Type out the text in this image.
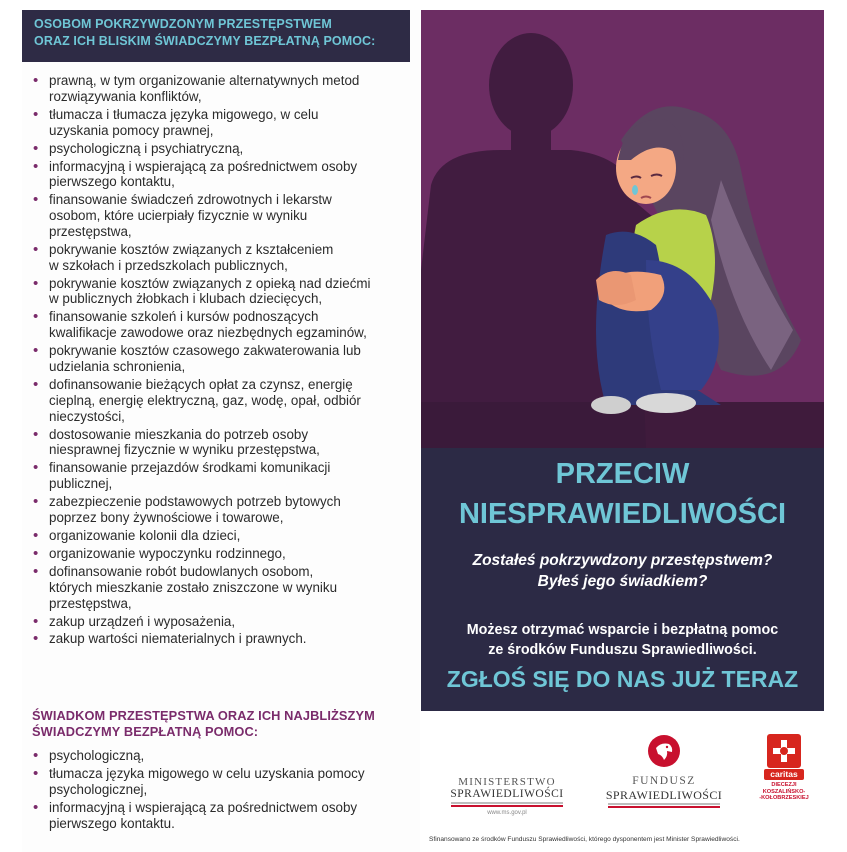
OSOBOM POKRZYWDZONYM PRZESTĘPSTWEM
ORAZ ICH BLISKIM ŚWIADCZYMY BEZPŁATNĄ POMOC:
• prawną, w tym organizowanie alternatywnych metod
rozwiązywania konfliktów,
• tłumacza i tłumacza języka migowego, w celu
uzyskania pomocy prawnej,
• psychologiczną i psychiatryczną,
• informacyjną i wspierającą za pośrednictwem osoby
pierwszego kontaktu,
• finansowanie świadczeń zdrowotnych i lekarstw
osobom, które ucierpiały fizycznie w wyniku
przestępstwa,
• pokrywanie kosztów związanych z kształceniem
w szkołach i przedszkolach publicznych,
• pokrywanie kosztów związanych z opieką nad dziećmi
w publicznych żłobkach i klubach dziecięcych,
• finansowanie szkoleń i kursów podnoszących
kwalifikacje zawodowe oraz niezbędnych egzaminów,
• pokrywanie kosztów czasowego zakwaterowania lub
udzielania schronienia,
• dofinansowanie bieżących opłat za czynsz, energię
cieplną, energię elektryczną, gaz, wodę, opał, odbiór
nieczystości,
• dostosowanie mieszkania do potrzeb osoby
niesprawnej fizycznie w wyniku przestępstwa,
• finansowanie przejazdów środkami komunikacji
publicznej,
• zabezpieczenie podstawowych potrzeb bytowych
poprzez bony żywnościowe i towarowe,
• organizowanie kolonii dla dzieci,
• organizowanie wypoczynku rodzinnego,
• dofinansowanie robót budowlanych osobom,
których mieszkanie zostało zniszczone w wyniku
przestępstwa,
• zakup urządzeń i wyposażenia,
• zakup wartości niematerialnych i prawnych.
ŚWIADKOM PRZESTĘPSTWA ORAZ ICH NAJBLIŻSZYM
ŚWIADCZYMY BEZPŁATNĄ POMOC:
• psychologiczną,
• tłumacza języka migowego w celu uzyskania pomocy
psychologicznej,
• informacyjną i wspierającą za pośrednictwem osoby
pierwszego kontaktu.
PRZECIW
NIESPRAWIEDLIWOŚCI
Zostałeś pokrzywdzony przestępstwem?
Byłeś jego świadkiem?
Możesz otrzymać wsparcie i bezpłatną pomoc
ze środków Funduszu Sprawiedliwości.
ZGŁOŚ SIĘ DO NAS JUŻ TERAZ
MINISTERSTWO
SPRAWIEDLIWOŚCI
www.ms.gov.pl
FUNDUSZ
SPRAWIEDLIWOŚCI
caritas
DIECEZJI
KOSZALIŃSKO-
-KOŁOBRZESKIEJ
Sfinansowano ze środków Funduszu Sprawiedliwości, którego dysponentem jest Minister Sprawiedliwości.
